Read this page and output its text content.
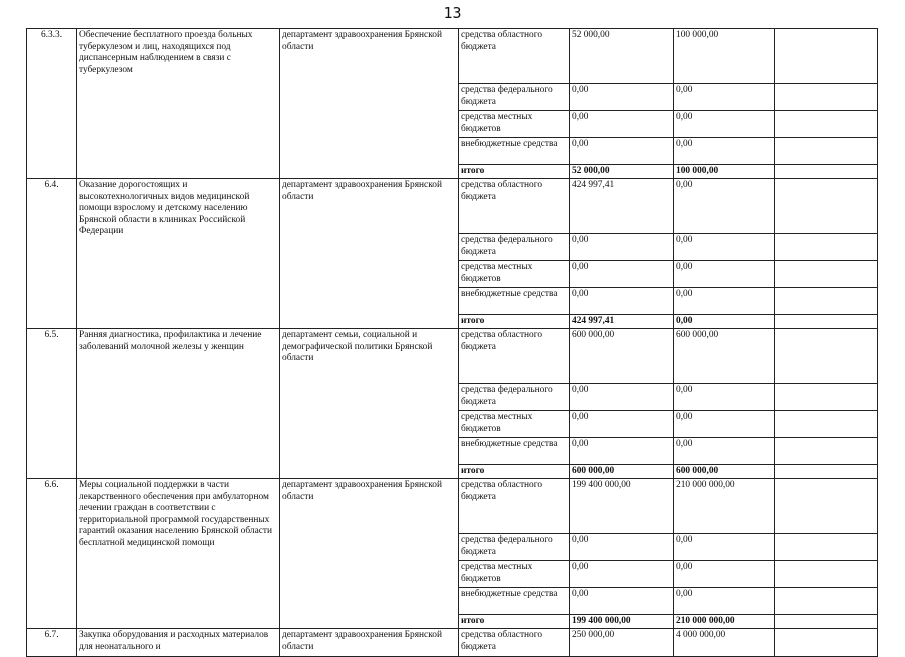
13
6.3.3.	Обеспечение бесплатного проезда больных туберкулезом и лиц, находящихся под диспансерным наблюдением в связи с туберкулезом	департамент здравоохранения Брянской области	средства областного бюджета	52 000,00	100 000,00	
			средства федерального бюджета	0,00	0,00	
			средства местных бюджетов	0,00	0,00	
			внебюджетные средства	0,00	0,00	
			итого	52 000,00	100 000,00	
6.4.	Оказание дорогостоящих и высокотехнологичных видов медицинской помощи взрослому и детскому населению Брянской области в клиниках Российской Федерации	департамент здравоохранения Брянской области	средства областного бюджета	424 997,41	0,00	
			средства федерального бюджета	0,00	0,00	
			средства местных бюджетов	0,00	0,00	
			внебюджетные средства	0,00	0,00	
			итого	424 997,41	0,00	
6.5.	Ранняя диагностика, профилактика и лечение заболеваний молочной железы у женщин	департамент семьи, социальной и демографической политики Брянской области	средства областного бюджета	600 000,00	600 000,00	
			средства федерального бюджета	0,00	0,00	
			средства местных бюджетов	0,00	0,00	
			внебюджетные средства	0,00	0,00	
			итого	600 000,00	600 000,00	
6.6.	Меры социальной поддержки в части лекарственного обеспечения при амбулаторном лечении граждан в соответствии с территориальной программой государственных гарантий оказания населению Брянской области бесплатной медицинской помощи	департамент здравоохранения Брянской области	средства областного бюджета	199 400 000,00	210 000 000,00	
			средства федерального бюджета	0,00	0,00	
			средства местных бюджетов	0,00	0,00	
			внебюджетные средства	0,00	0,00	
			итого	199 400 000,00	210 000 000,00	
6.7.	Закупка оборудования и расходных материалов для неонатального и	департамент здравоохранения Брянской области	средства областного бюджета	250 000,00	4 000 000,00	
